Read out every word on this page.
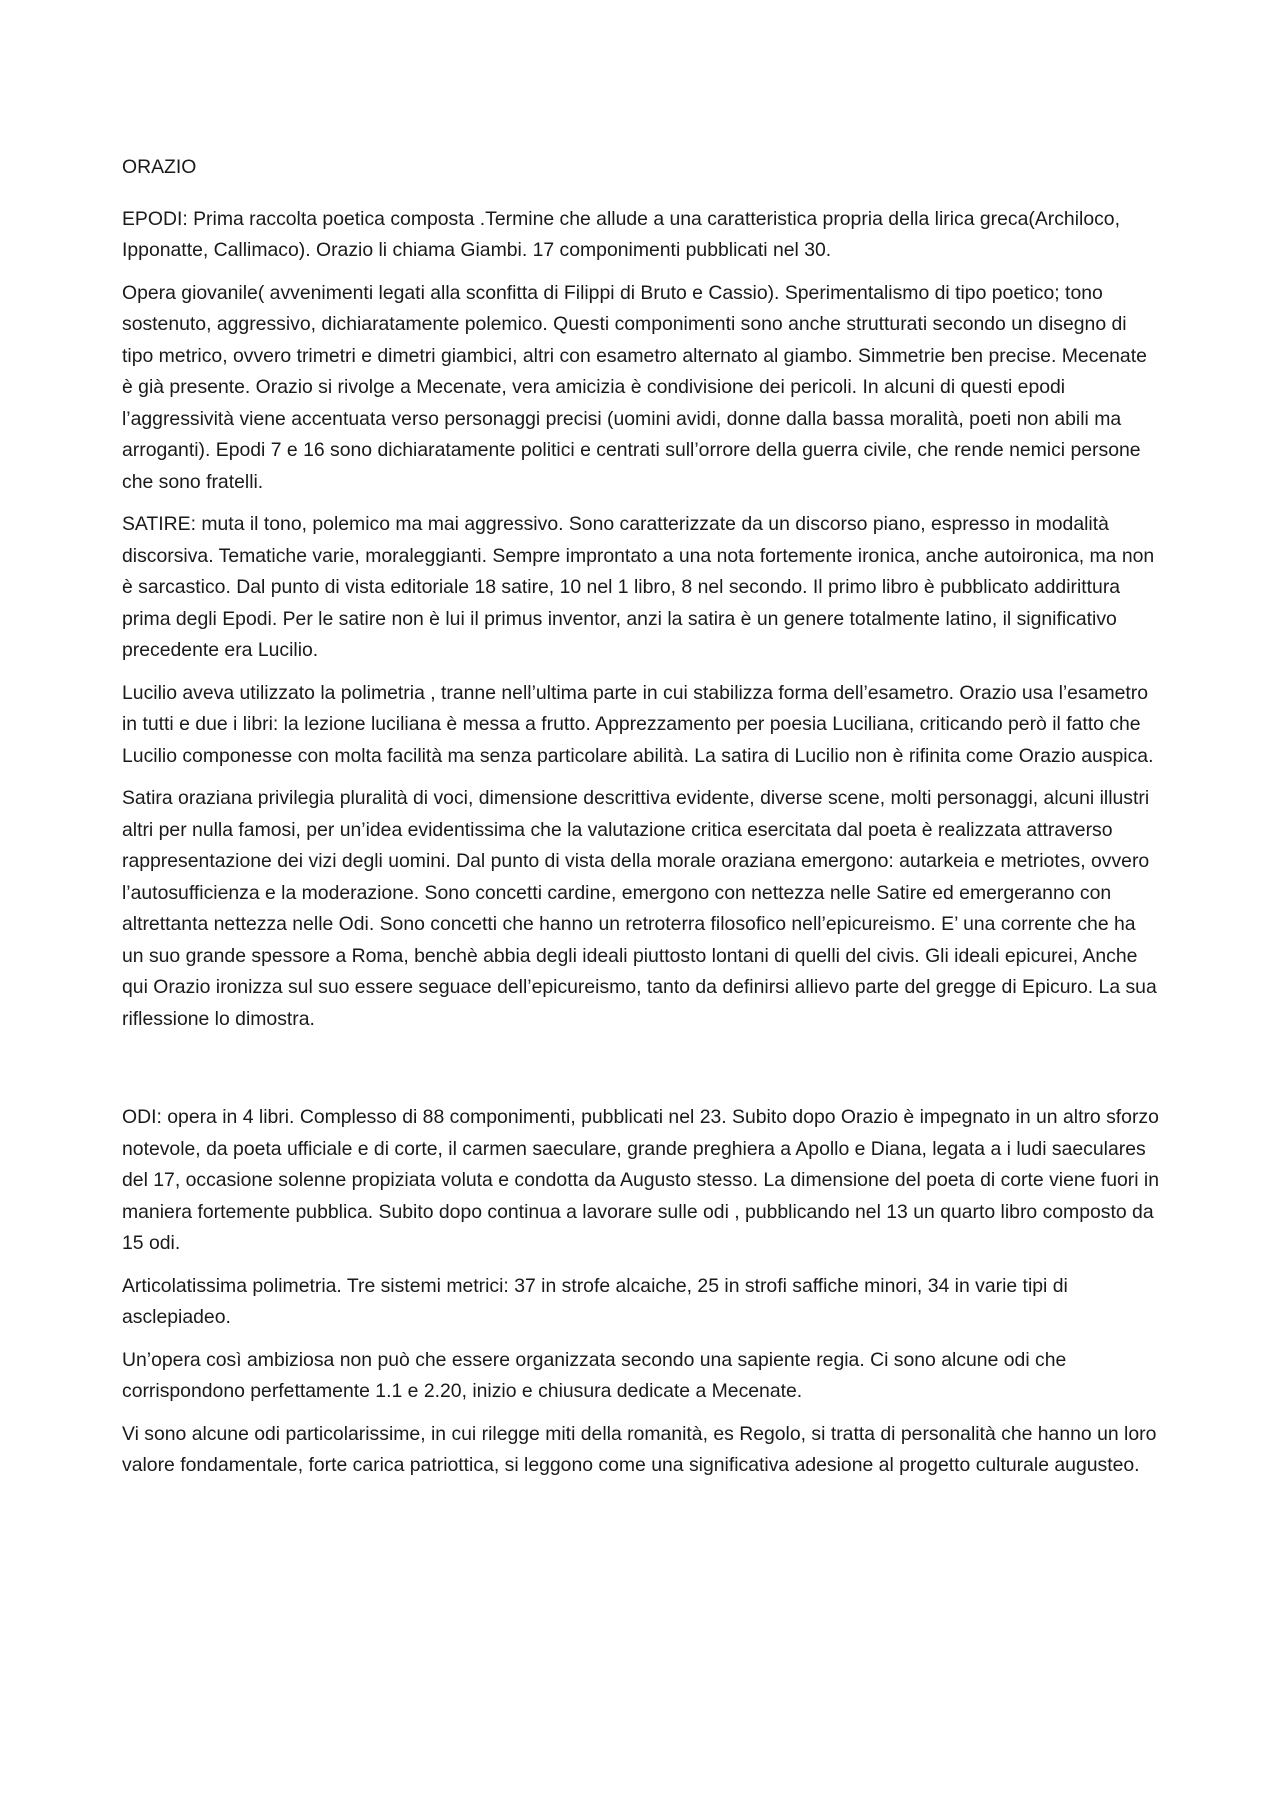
ORAZIO

EPODI: Prima raccolta poetica composta .Termine che allude a una caratteristica propria della lirica greca(Archiloco, Ipponatte, Callimaco). Orazio li chiama Giambi. 17 componimenti pubblicati nel 30.

Opera giovanile( avvenimenti legati alla sconfitta di Filippi di Bruto e Cassio). Sperimentalismo di tipo poetico; tono sostenuto, aggressivo, dichiaratamente polemico. Questi componimenti sono anche strutturati secondo un disegno di tipo metrico, ovvero trimetri e dimetri giambici, altri con esametro alternato al giambo. Simmetrie ben precise. Mecenate è già presente. Orazio si rivolge a Mecenate, vera amicizia è condivisione dei pericoli. In alcuni di questi epodi l’aggressività viene accentuata verso personaggi precisi (uomini avidi, donne dalla bassa moralità, poeti non abili ma arroganti). Epodi 7 e 16 sono dichiaratamente politici e centrati sull’orrore della guerra civile, che rende nemici persone che sono fratelli.

SATIRE: muta il tono, polemico ma mai aggressivo. Sono caratterizzate da un discorso piano, espresso in modalità discorsiva. Tematiche varie, moraleggianti. Sempre improntato a una nota fortemente ironica, anche autoironica, ma non è sarcastico. Dal punto di vista editoriale 18 satire, 10 nel 1 libro, 8 nel secondo. Il primo libro è pubblicato addirittura prima degli Epodi. Per le satire non è lui il primus inventor, anzi la satira è un genere totalmente latino, il significativo precedente era Lucilio.

Lucilio aveva utilizzato la polimetria , tranne nell’ultima parte in cui stabilizza forma dell’esametro. Orazio usa l’esametro in tutti e due i libri: la lezione luciliana è messa a frutto. Apprezzamento per poesia Luciliana, criticando però il fatto che Lucilio componesse con molta facilità ma senza particolare abilità. La satira di Lucilio non è rifinita come Orazio auspica.

Satira oraziana privilegia pluralità di voci, dimensione descrittiva evidente, diverse scene, molti personaggi, alcuni illustri altri per nulla famosi, per un’idea evidentissima che la valutazione critica esercitata dal poeta è realizzata attraverso rappresentazione dei vizi degli uomini. Dal punto di vista della morale oraziana emergono: autarkeia e metriotes, ovvero l’autosufficienza e la moderazione. Sono concetti cardine, emergono con nettezza nelle Satire ed emergeranno con altrettanta nettezza nelle Odi. Sono concetti che hanno un retroterra filosofico nell’epicureismo. E’ una corrente che ha un suo grande spessore a Roma, benchè abbia degli ideali piuttosto lontani di quelli del civis. Gli ideali epicurei, Anche qui Orazio ironizza sul suo essere seguace dell’epicureismo, tanto da definirsi allievo parte del gregge di Epicuro. La sua riflessione lo dimostra.

ODI: opera in 4 libri. Complesso di 88 componimenti, pubblicati nel 23. Subito dopo Orazio è impegnato in un altro sforzo notevole, da poeta ufficiale e di corte, il carmen saeculare, grande preghiera a Apollo e Diana, legata a i ludi saeculares del 17, occasione solenne propiziata voluta e condotta da Augusto stesso. La dimensione del poeta di corte viene fuori in maniera fortemente pubblica. Subito dopo continua a lavorare sulle odi , pubblicando nel 13 un quarto libro composto da 15 odi.

Articolatissima polimetria. Tre sistemi metrici: 37 in strofe alcaiche, 25 in strofi saffiche minori, 34 in varie tipi di asclepiadeo.

Un’opera così ambiziosa non può che essere organizzata secondo una sapiente regia. Ci sono alcune odi che corrispondono perfettamente 1.1 e 2.20, inizio e chiusura dedicate a Mecenate.

Vi sono alcune odi particolarissime, in cui rilegge miti della romanità, es Regolo, si tratta di personalità che hanno un loro valore fondamentale, forte carica patriottica, si leggono come una significativa adesione al progetto culturale augusteo.
